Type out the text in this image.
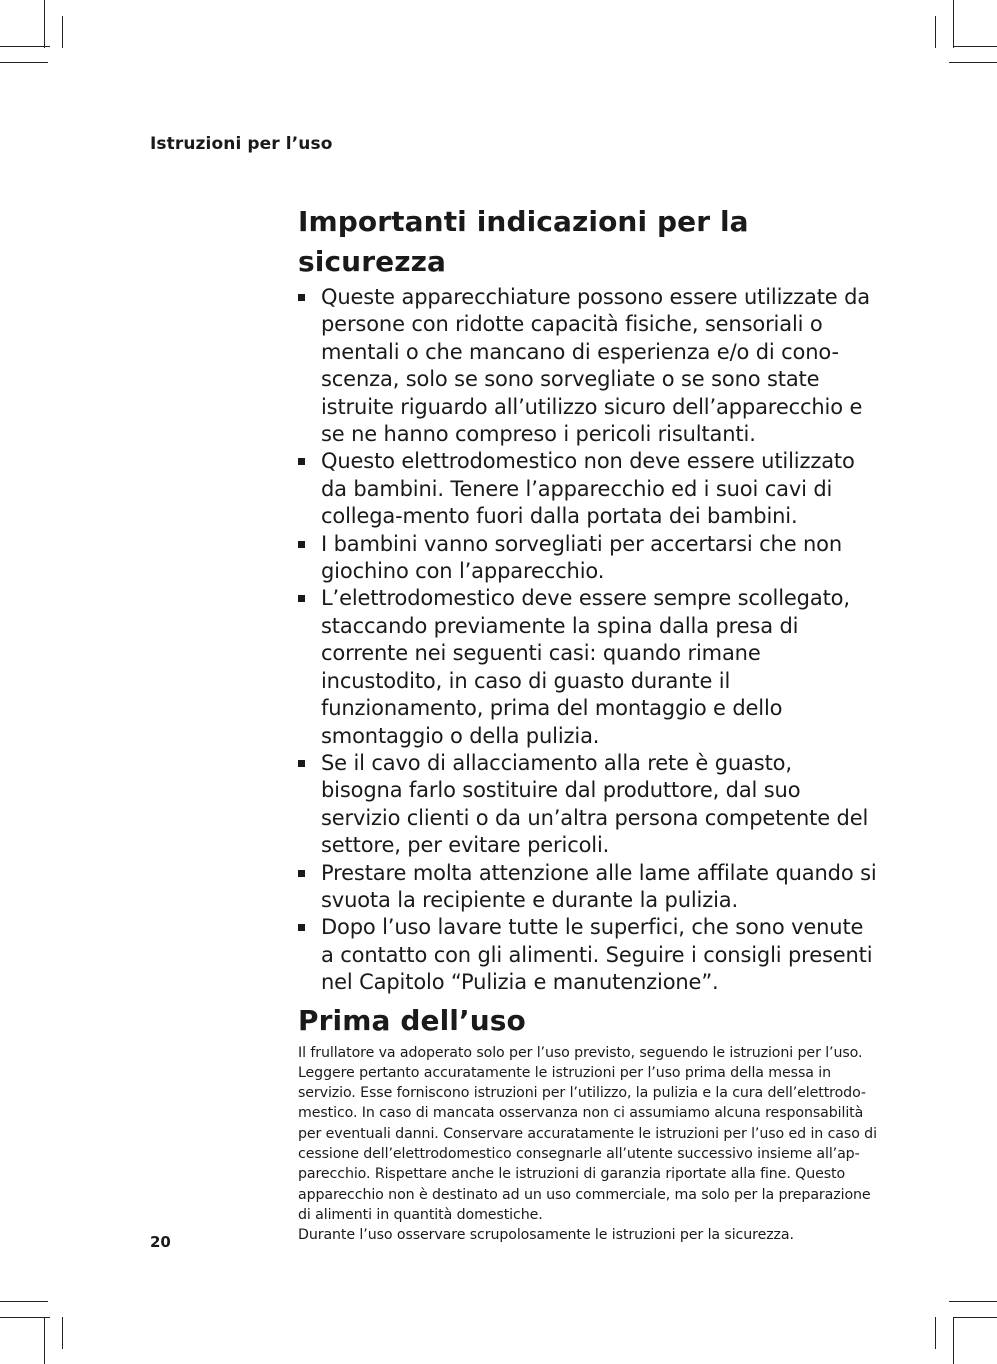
Istruzioni per l’uso
Importanti indicazioni per la sicurezza
Queste apparecchiature possono essere utilizzate da persone con ridotte capacità fisiche, sensoriali o mentali o che mancano di esperienza e/o di cono-scenza, solo se sono sorvegliate o se sono state istruite riguardo all’utilizzo sicuro dell’apparecchio e se ne hanno compreso i pericoli risultanti.
Questo elettrodomestico non deve essere utilizzato da bambini. Tenere l’apparecchio ed i suoi cavi di collega-mento fuori dalla portata dei bambini.
I bambini vanno sorvegliati per accertarsi che non giochino con l’apparecchio.
L’elettrodomestico deve essere sempre scollegato, staccando previamente la spina dalla presa di corrente nei seguenti casi: quando rimane incustodito, in caso di guasto durante il funzionamento, prima del montaggio e dello smontaggio o della pulizia.
Se il cavo di allacciamento alla rete è guasto, bisogna farlo sostituire dal produttore, dal suo servizio clienti o da un’altra persona competente del settore, per evitare pericoli.
Prestare molta attenzione alle lame affilate quando si svuota la recipiente e durante la pulizia.
Dopo l’uso lavare tutte le superfici, che sono venute a contatto con gli alimenti. Seguire i consigli presenti nel Capitolo “Pulizia e manutenzione”.
Prima dell’uso

Il frullatore va adoperato solo per l’uso previsto, seguendo le istruzioni per l’uso. Leggere pertanto accuratamente le istruzioni per l’uso prima della messa in servizio. Esse forniscono istruzioni per l’utilizzo, la pulizia e la cura dell’elettrodo-mestico. In caso di mancata osservanza non ci assumiamo alcuna responsabilità per eventuali danni. Conservare accuratamente le istruzioni per l’uso ed in caso di cessione dell’elettrodomestico consegnarle all’utente successivo insieme all’ap-parecchio. Rispettare anche le istruzioni di garanzia riportate alla fine. Questo apparecchio non è destinato ad un uso commerciale, ma solo per la preparazione di alimenti in quantità domestiche.
Durante l’uso osservare scrupolosamente le istruzioni per la sicurezza.

20
